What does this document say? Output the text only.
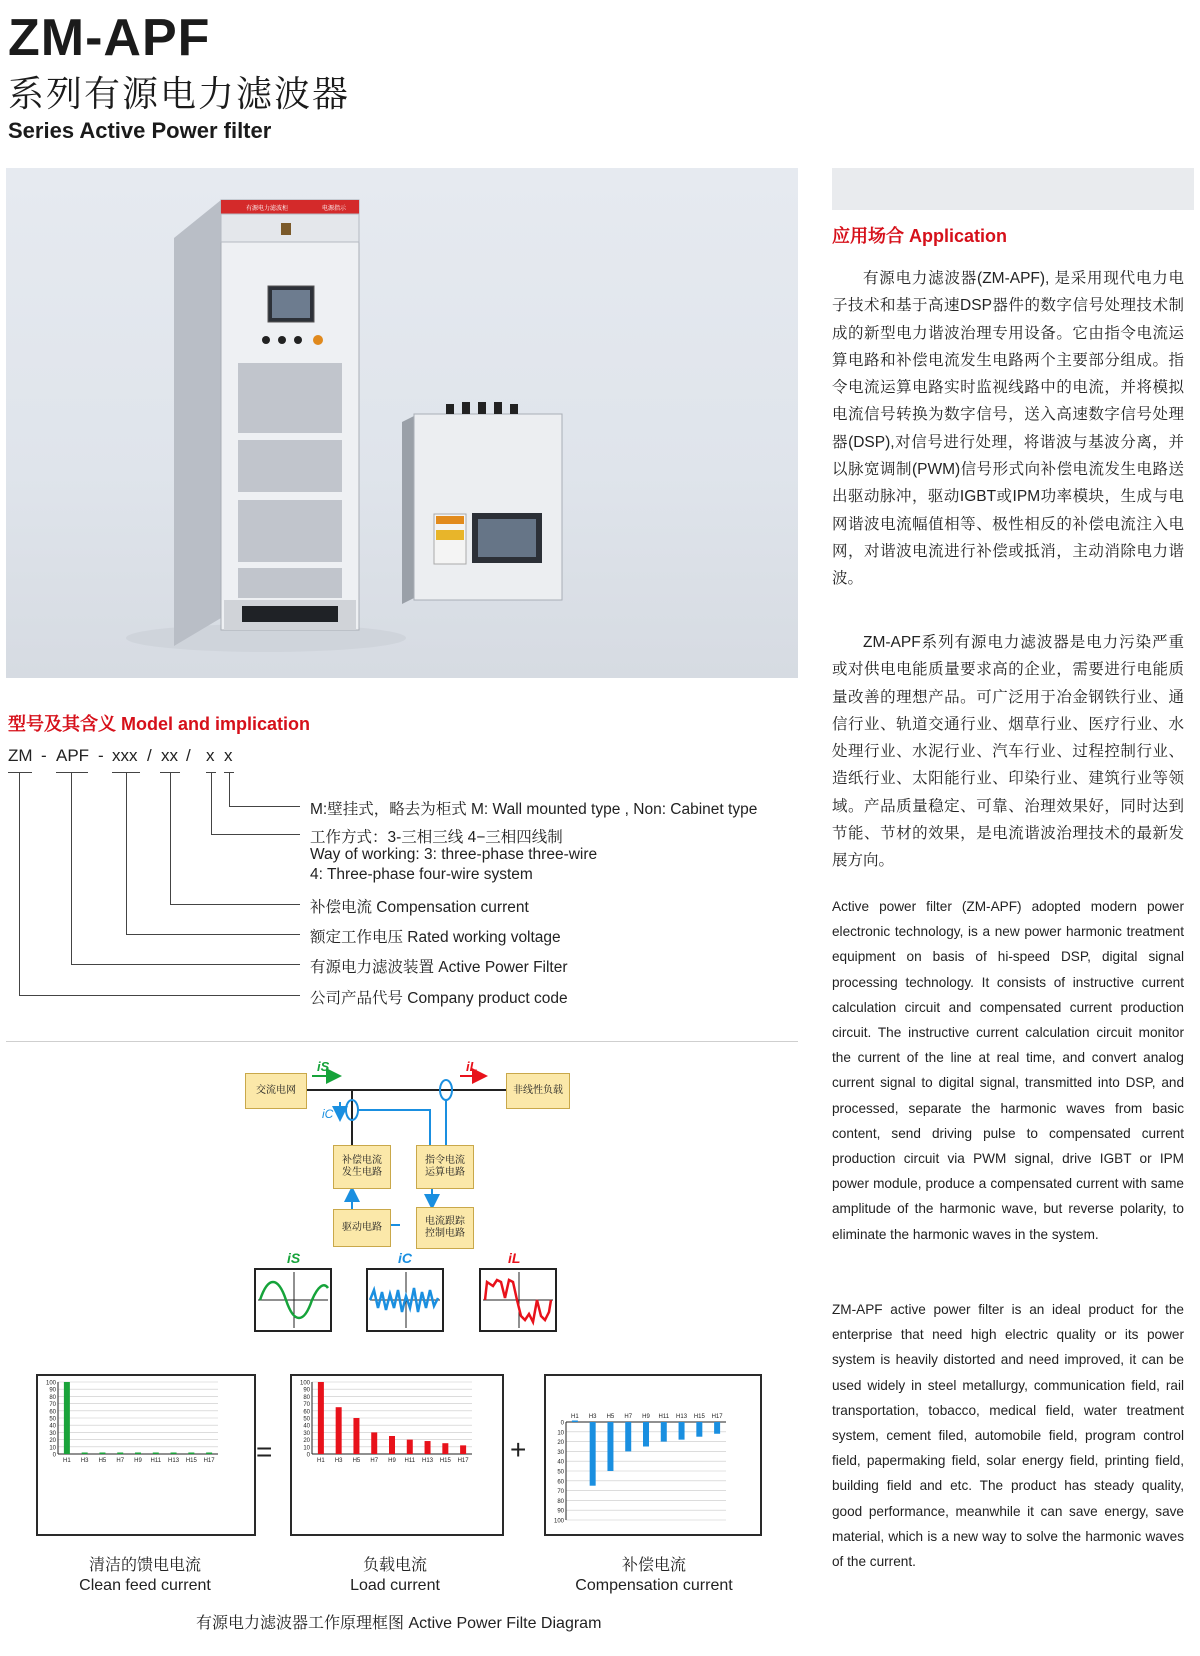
ZM-APF
系列有源电力滤波器
Series Active Power filter
有源电力滤波柜	电源指示
应用场合 Application
有源电力滤波器(ZM-APF), 是采用现代电力电子技术和基于高速DSP器件的数字信号处理技术制成的新型电力谐波治理专用设备。它由指令电流运算电路和补偿电流发生电路两个主要部分组成。指令电流运算电路实时监视线路中的电流，并将模拟电流信号转换为数字信号，送入高速数字信号处理器(DSP),对信号进行处理，将谐波与基波分离，并以脉宽调制(PWM)信号形式向补偿电流发生电路送出驱动脉冲，驱动IGBT或IPM功率模块，生成与电网谐波电流幅值相等、极性相反的补偿电流注入电网，对谐波电流进行补偿或抵消，主动消除电力谐波。
ZM-APF系列有源电力滤波器是电力污染严重或对供电电能质量要求高的企业，需要进行电能质量改善的理想产品。可广泛用于冶金钢铁行业、通信行业、轨道交通行业、烟草行业、医疗行业、水处理行业、水泥行业、汽车行业、过程控制行业、造纸行业、太阳能行业、印染行业、建筑行业等领域。产品质量稳定、可靠、治理效果好，同时达到节能、节材的效果，是电流谐波治理技术的最新发展方向。
Active power filter (ZM-APF) adopted modern power electronic technology, is a new power harmonic treatment equipment on basis of hi-speed DSP, digital signal processing technology. It consists of instructive current calculation circuit and compensated current production circuit. The instructive current calculation circuit monitor the current of the line at real time, and convert analog current signal to digital signal, transmitted into DSP, and processed, separate the harmonic waves from basic content, send driving pulse to compensated current production circuit via PWM signal, drive IGBT or IPM power module, produce a compensated current with same amplitude of the harmonic wave, but reverse polarity, to eliminate the harmonic waves in the system.
ZM-APF active power filter is an ideal product for the enterprise that need high electric quality or its power system is heavily distorted and need improved, it can be used widely in steel metallurgy, communication field, rail transportation, tobacco, medical field, water treatment system, cement filed, automobile field, program control field, papermaking field, solar energy field, printing field, building field and etc. The product has steady quality, good performance, meanwhile it can save energy, save material, which is a new way to solve the harmonic waves of the current.
型号及其含义 Model and implication
ZM - APF - xxx / xx / x x
M:壁挂式，略去为柜式 M: Wall mounted type , Non: Cabinet type
工作方式：3-三相三线 4−三相四线制
Way of working: 3: three-phase three-wire
4: Three-phase four-wire system
补偿电流 Compensation current
额定工作电压 Rated working voltage
有源电力滤波装置 Active Power Filter
公司产品代号 Company product code
iS	iL
iC
交流电网	非线性负载
补偿电流
发生电路
指令电流
运算电路
驱动电路
电流跟踪
控制电路
iS	iC	iL
0
10
20
30
40
50
60
70
80
90
100
H1 H3 H5 H7 H9 H11 H13 H15 H17 =	0
10
20
30
40
50
60
70
80
90
100
H1 H3 H5 H7 H9 H11 H13 H15 H17 +
0
10
20
30
40
50
60
70
80
90
100
H1 H3 H5 H7 H9 H11 H13 H15 H17
清洁的馈电电流
Clean feed current
负载电流
Load current
补偿电流
Compensation current
有源电力滤波器工作原理框图 Active Power Filte Diagram
